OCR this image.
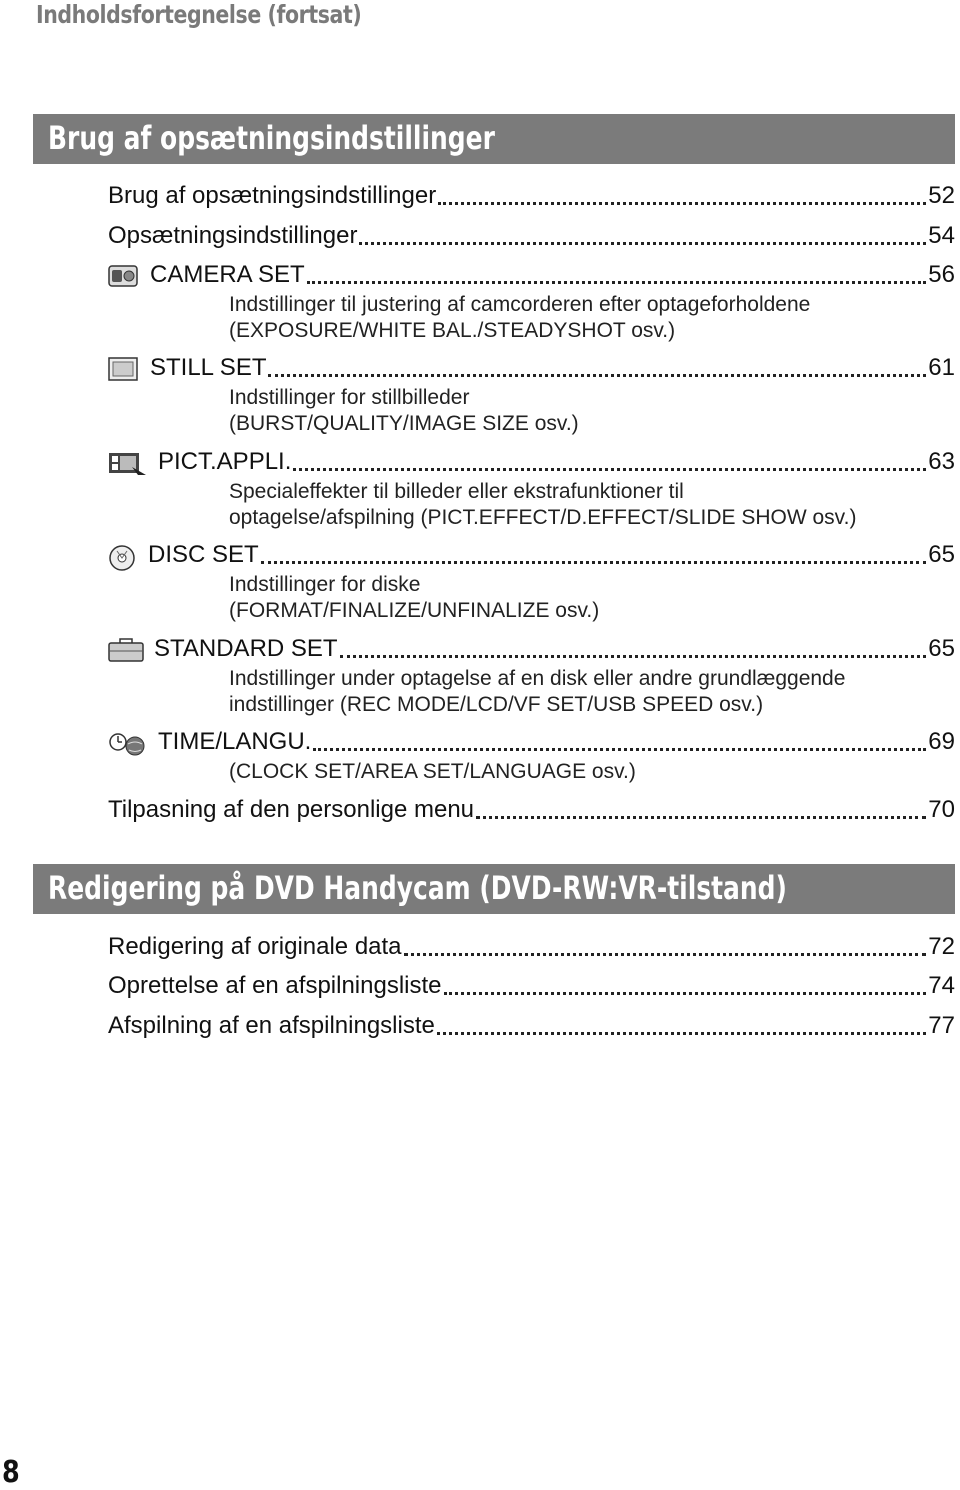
Indholdsfortegnelse (fortsat)
Brug af opsætningsindstillinger
Brug af opsætningsindstillinger	52
Opsætningsindstillinger	54
CAMERA SET	56
Indstillinger til justering af camcorderen efter optageforholdene
(EXPOSURE/WHITE BAL./STEADYSHOT osv.)
STILL SET	61
Indstillinger for stillbilleder
(BURST/QUALITY/IMAGE SIZE osv.)
PICT.APPLI.	63
Specialeffekter til billeder eller ekstrafunktioner til
optagelse/afspilning (PICT.EFFECT/D.EFFECT/SLIDE SHOW osv.)
DISC SET	65
Indstillinger for diske
(FORMAT/FINALIZE/UNFINALIZE osv.)
STANDARD SET	65
Indstillinger under optagelse af en disk eller andre grundlæggende
indstillinger (REC MODE/LCD/VF SET/USB SPEED osv.)
TIME/LANGU.	69
(CLOCK SET/AREA SET/LANGUAGE osv.)
Tilpasning af den personlige menu	70
Redigering på DVD Handycam (DVD-RW:VR-tilstand)
Redigering af originale data	72
Oprettelse af en afspilningsliste	74
Afspilning af en afspilningsliste	77
8
